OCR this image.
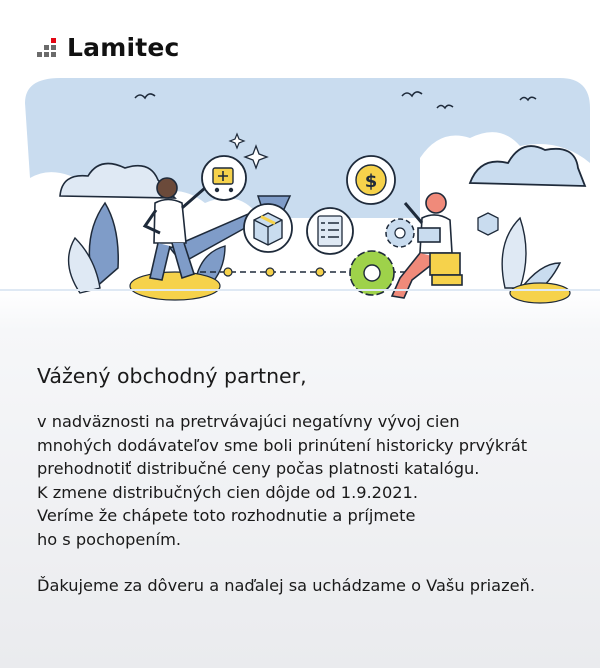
Lamitec
$

Vážený obchodný partner,

v nadväznosti na pretrvávajúci negatívny vývoj cien
mnohých dodávateľov sme boli prinútení historicky prvýkrát
prehodnotiť distribučné ceny počas platnosti katalógu.
K zmene distribučných cien dôjde od 1.9.2021.
Veríme že chápete toto rozhodnutie a príjmete
ho s pochopením.

Ďakujeme za dôveru a naďalej sa uchádzame o Vašu priazeň.
